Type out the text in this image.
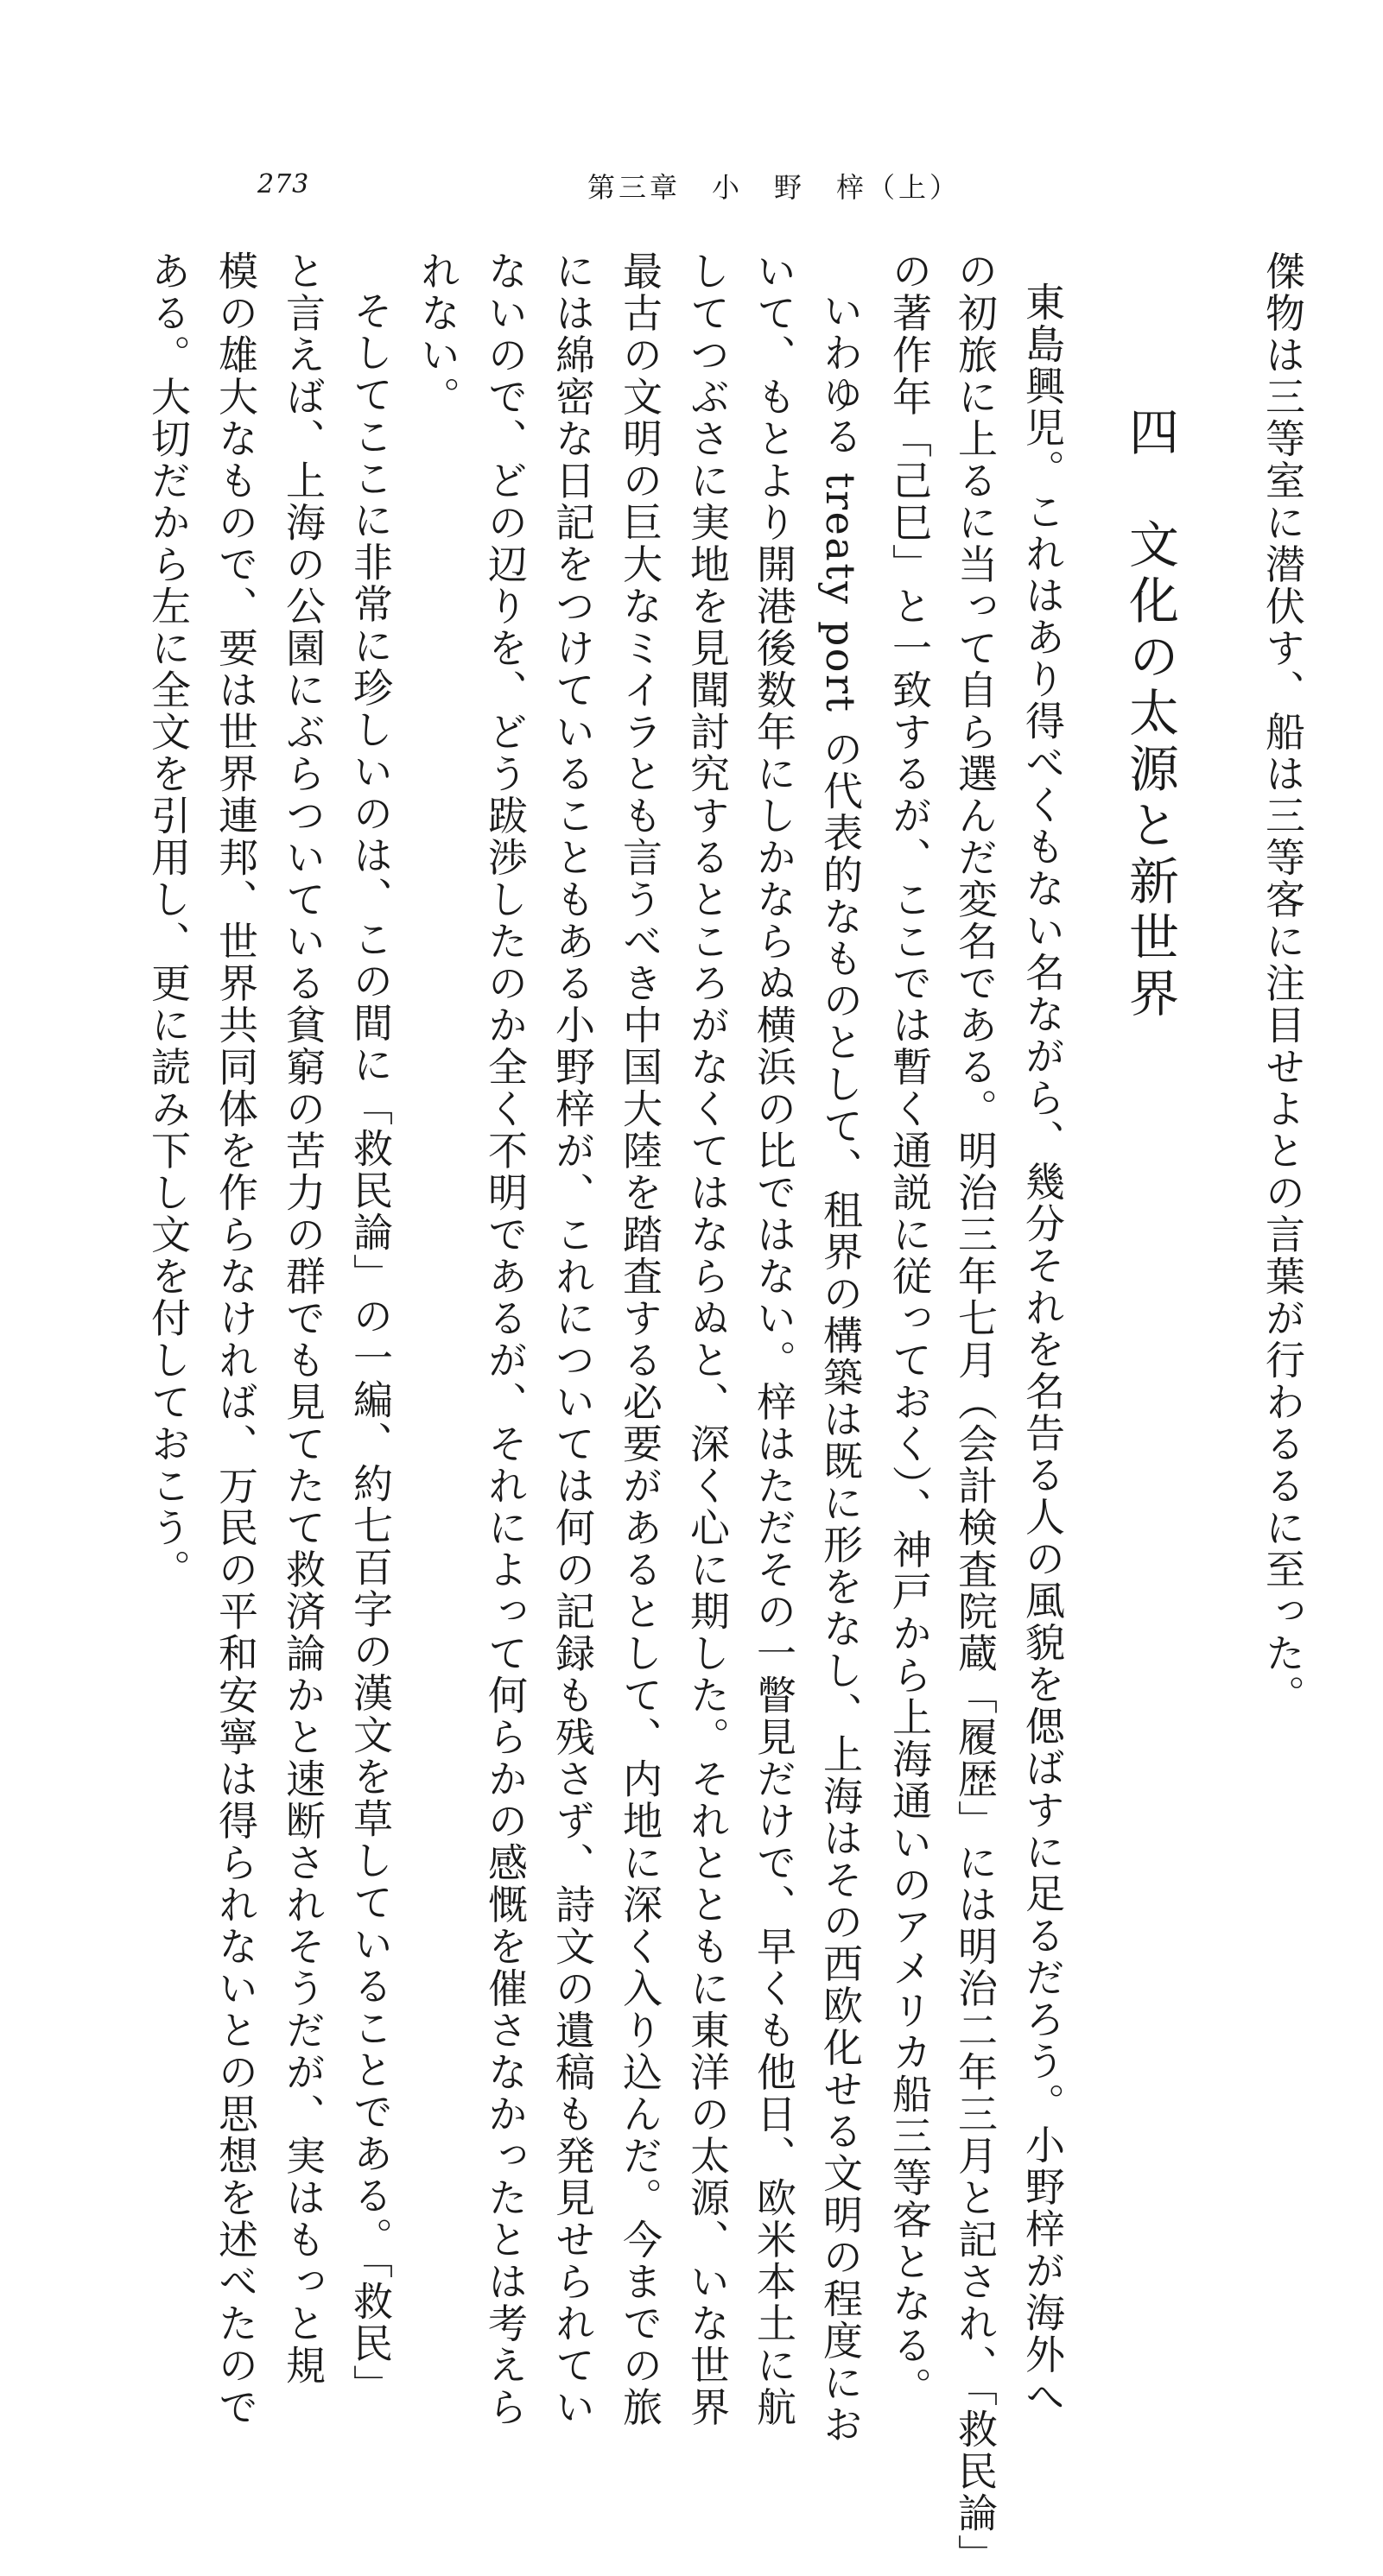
273	第三章　小　野　梓（上）
傑物は三等室に潜伏す、船は三等客に注目せよとの言葉が行わるるに至った。
四　文化の太源と新世界
東島興児。これはあり得べくもない名ながら、幾分それを名告る人の風貌を偲ばすに足るだろう。小野梓が海外へ
の初旅に上るに当って自ら選んだ変名である。明治三年七月（会計検査院蔵「履歴」には明治二年三月と記され、「救民論」
の著作年「己巳」と一致するが、ここでは暫く通説に従っておく）、神戸から上海通いのアメリカ船三等客となる。
いわゆる treaty port の代表的なものとして、租界の構築は既に形をなし、上海はその西欧化せる文明の程度にお
いて、もとより開港後数年にしかならぬ横浜の比ではない。梓はただその一瞥見だけで、早くも他日、欧米本土に航
してつぶさに実地を見聞討究するところがなくてはならぬと、深く心に期した。それとともに東洋の太源、いな世界
最古の文明の巨大なミイラとも言うべき中国大陸を踏査する必要があるとして、内地に深く入り込んだ。今までの旅
には綿密な日記をつけていることもある小野梓が、これについては何の記録も残さず、詩文の遺稿も発見せられてい
ないので、どの辺りを、どう跋渉したのか全く不明であるが、それによって何らかの感慨を催さなかったとは考えら
れない。
そしてここに非常に珍しいのは、この間に「救民論」の一編、約七百字の漢文を草していることである。「救民」
と言えば、上海の公園にぶらついている貧窮の苦力の群でも見てたて救済論かと速断されそうだが、実はもっと規
模の雄大なもので、要は世界連邦、世界共同体を作らなければ、万民の平和安寧は得られないとの思想を述べたので
ある。大切だから左に全文を引用し、更に読み下し文を付しておこう。
